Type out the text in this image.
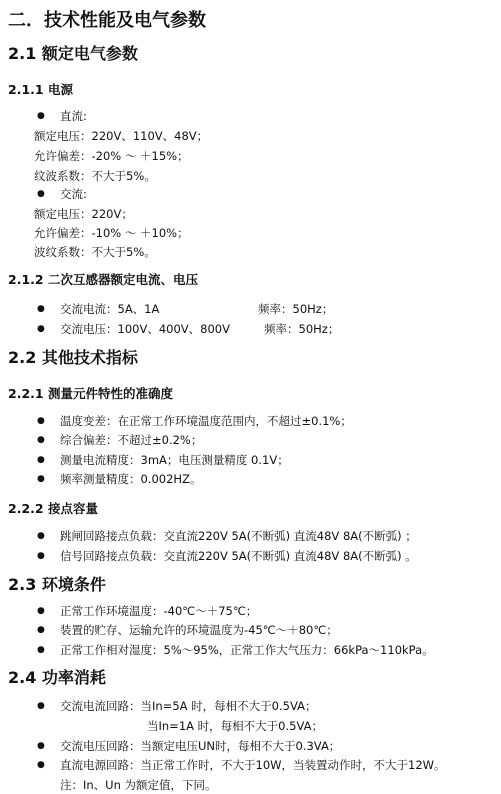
二．技术性能及电气参数
2.1 额定电气参数
2.1.1 电源
● 直流:
额定电压：220V、110V、48V；
允许偏差：-20% ～ ＋15%；
纹波系数：不大于5%。
● 交流:
额定电压：220V；
允许偏差：-10% ～ ＋10%；
波纹系数：不大于5%。
2.1.2 二次互感器额定电流、电压
● 交流电流：5A、1A	频率：50Hz；
● 交流电压：100V、400V、800V	频率：50Hz；
2.2 其他技术指标
2.2.1 测量元件特性的准确度
● 温度变差：在正常工作环境温度范围内，不超过±0.1%；
● 综合偏差：不超过±0.2%；
● 测量电流精度：3mA；电压测量精度 0.1V；
● 频率测量精度：0.002HZ。
2.2.2 接点容量
● 跳闸回路接点负载：交直流220V 5A(不断弧) 直流48V 8A(不断弧) ；
● 信号回路接点负载：交直流220V 5A(不断弧) 直流48V 8A(不断弧) 。
2.3 环境条件
● 正常工作环境温度：-40℃～＋75℃；
● 装置的贮存、运输允许的环境温度为-45℃～＋80℃；
● 正常工作相对湿度：5%～95%，正常工作大气压力：66kPa～110kPa。
2.4 功率消耗
● 交流电流回路：当In=5A 时，每相不大于0.5VA；
当In=1A 时，每相不大于0.5VA；
● 交流电压回路：当额定电压UN时，每相不大于0.3VA；
● 直流电源回路：当正常工作时，不大于10W，当装置动作时，不大于12W。
注：In、Un 为额定值，下同。
